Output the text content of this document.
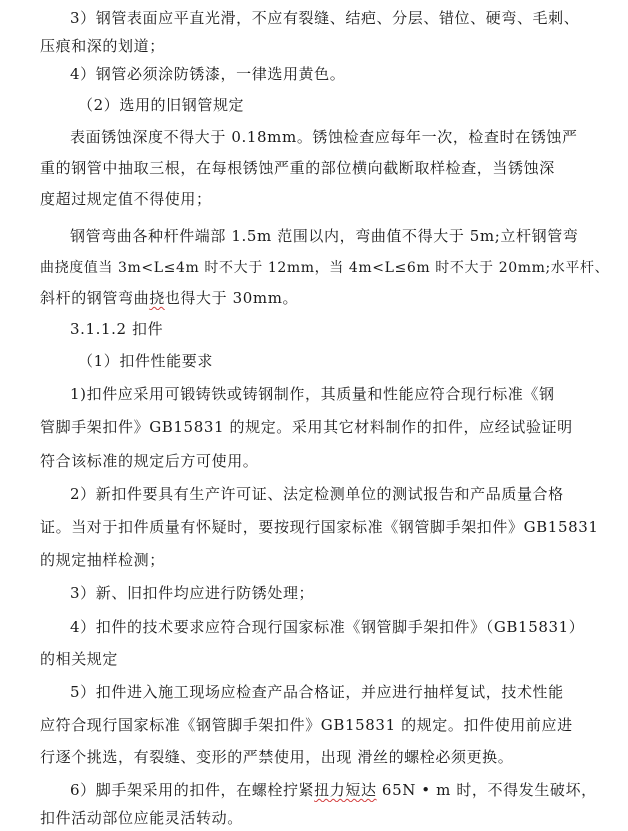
3）钢管表面应平直光滑，不应有裂缝、结疤、分层、错位、硬弯、毛刺、
压痕和深的划道；
4）钢管必须涂防锈漆，一律选用黄色。
（2）选用的旧钢管规定
表面锈蚀深度不得大于 0.18mm。锈蚀检查应每年一次，检查时在锈蚀严
重的钢管中抽取三根，在每根锈蚀严重的部位横向截断取样检查，当锈蚀深
度超过规定值不得使用；
钢管弯曲各种杆件端部 1.5m 范围以内，弯曲值不得大于 5m;立杆钢管弯
曲挠度值当 3m<L≤4m 时不大于 12mm，当 4m<L≤6m 时不大于 20mm;水平杆、
斜杆的钢管弯曲挠也得大于 30mm。
3.1.1.2 扣件
（1）扣件性能要求
1)扣件应采用可锻铸铁或铸钢制作，其质量和性能应符合现行标准《钢
管脚手架扣件》GB15831 的规定。采用其它材料制作的扣件，应经试验证明
符合该标准的规定后方可使用。
2）新扣件要具有生产许可证、法定检测单位的测试报告和产品质量合格
证。当对于扣件质量有怀疑时，要按现行国家标准《钢管脚手架扣件》GB15831
的规定抽样检测；
3）新、旧扣件均应进行防锈处理；
4）扣件的技术要求应符合现行国家标准《钢管脚手架扣件》（GB15831）
的相关规定
5）扣件进入施工现场应检查产品合格证，并应进行抽样复试，技术性能
应符合现行国家标准《钢管脚手架扣件》GB15831 的规定。扣件使用前应进
行逐个挑选，有裂缝、变形的严禁使用，出现 滑丝的螺栓必须更换。
6）脚手架采用的扣件，在螺栓拧紧扭力短达 65N • m 时，不得发生破坏，
扣件活动部位应能灵活转动。
